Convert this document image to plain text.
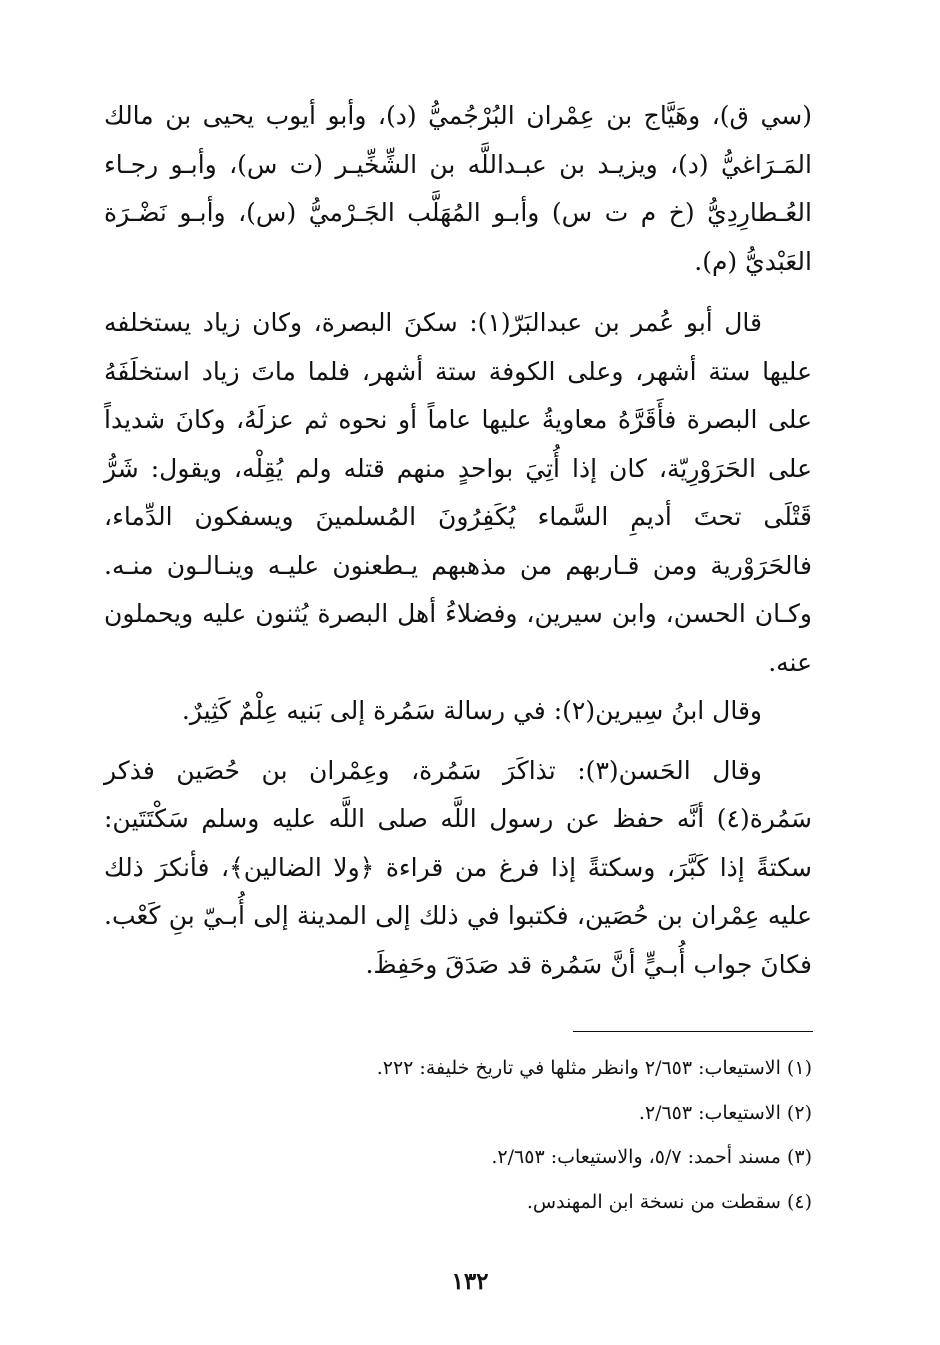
(سي ق)، وهَيَّاج بن عِمْران البُرْجُميُّ (د)، وأبو أيوب يحيى بن مالك المَـرَاغيُّ (د)، ويزيـد بن عبـداللَّه بن الشِّخِّيـر (ت س)، وأبـو رجـاء العُـطارِدِيُّ (خ م ت س) وأبـو المُهَلَّب الجَـرْميُّ (س)، وأبـو نَضْـرَة العَبْديُّ (م).

قال أبو عُمر بن عبدالبَرّ(١): سكنَ البصرة، وكان زياد يستخلفه عليها ستة أشهر، وعلى الكوفة ستة أشهر، فلما ماتَ زياد استخلَفَهُ على البصرة فأَقَرَّهُ معاويةُ عليها عاماً أو نحوه ثم عزلَهُ، وكانَ شديداً على الحَرَوْرِيّة، كان إذا أُتِيَ بواحدٍ منهم قتله ولم يُقِلْه، ويقول: شَرُّ قَتْلَى تحتَ أديمِ السَّماء يُكَفِرُونَ المُسلمينَ ويسفكون الدِّماء، فالحَرَوْرية ومن قـاربهم من مذهبهم يـطعنون عليـه وينـالـون منـه. وكـان الحسن، وابن سيرين، وفضلاءُ أهل البصرة يُثنون عليه ويحملون عنه.

وقال ابنُ سِيرين(٢): في رسالة سَمُرة إلى بَنيه عِلْمٌ كَثِيرٌ.

وقال الحَسن(٣): تذاكَرَ سَمُرة، وعِمْران بن حُصَين فذكر سَمُرة(٤) أنَّه حفظ عن رسول اللَّه صلى اللَّه عليه وسلم سَكْتَتَين: سكتةً إذا كَبَّرَ، وسكتةً إذا فرغ من قراءة ﴿ولا الضالين﴾، فأنكرَ ذلك عليه عِمْران بن حُصَين، فكتبوا في ذلك إلى المدينة إلى أُبـيّ بنِ كَعْب. فكانَ جواب أُبـيٍّ أنَّ سَمُرة قد صَدَقَ وحَفِظَ.

(١) الاستيعاب: ٢/٦٥٣ وانظر مثلها في تاريخ خليفة: ٢٢٢.

(٢) الاستيعاب: ٢/٦٥٣.

(٣) مسند أحمد: ٥/٧، والاستيعاب: ٢/٦٥٣.

(٤) سقطت من نسخة ابن المهندس.

١٣٢
